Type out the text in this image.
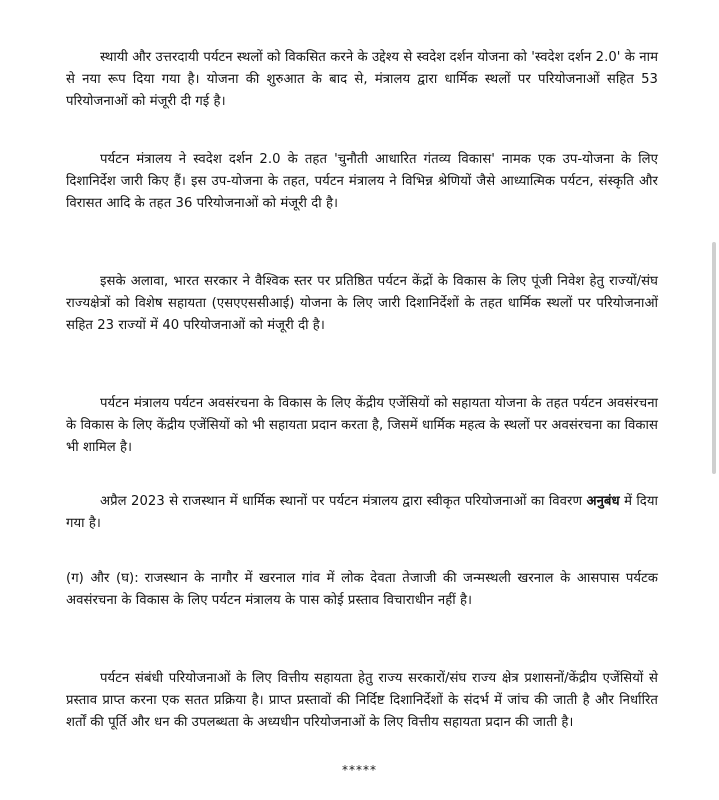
स्थायी और उत्तरदायी पर्यटन स्थलों को विकसित करने के उद्देश्य से स्वदेश दर्शन योजना को 'स्वदेश दर्शन 2.0' के नाम से नया रूप दिया गया है। योजना की शुरुआत के बाद से, मंत्रालय द्वारा धार्मिक स्थलों पर परियोजनाओं सहित 53 परियोजनाओं को मंजूरी दी गई है।

पर्यटन मंत्रालय ने स्वदेश दर्शन 2.0 के तहत 'चुनौती आधारित गंतव्य विकास' नामक एक उप-योजना के लिए दिशानिर्देश जारी किए हैं। इस उप-योजना के तहत, पर्यटन मंत्रालय ने विभिन्न श्रेणियों जैसे आध्यात्मिक पर्यटन, संस्कृति और विरासत आदि के तहत 36 परियोजनाओं को मंजूरी दी है।

इसके अलावा, भारत सरकार ने वैश्विक स्तर पर प्रतिष्ठित पर्यटन केंद्रों के विकास के लिए पूंजी निवेश हेतु राज्यों/संघ राज्यक्षेत्रों को विशेष सहायता (एसएएससीआई) योजना के लिए जारी दिशानिर्देशों के तहत धार्मिक स्थलों पर परियोजनाओं सहित 23 राज्यों में 40 परियोजनाओं को मंजूरी दी है।

पर्यटन मंत्रालय पर्यटन अवसंरचना के विकास के लिए केंद्रीय एजेंसियों को सहायता योजना के तहत पर्यटन अवसंरचना के विकास के लिए केंद्रीय एजेंसियों को भी सहायता प्रदान करता है, जिसमें धार्मिक महत्व के स्थलों पर अवसंरचना का विकास भी शामिल है।

अप्रैल 2023 से राजस्थान में धार्मिक स्थानों पर पर्यटन मंत्रालय द्वारा स्वीकृत परियोजनाओं का विवरण अनुबंध में दिया गया है।

(ग) और (घ): राजस्थान के नागौर में खरनाल गांव में लोक देवता तेजाजी की जन्मस्थली खरनाल के आसपास पर्यटक अवसंरचना के विकास के लिए पर्यटन मंत्रालय के पास कोई प्रस्ताव विचाराधीन नहीं है।

पर्यटन संबंधी परियोजनाओं के लिए वित्तीय सहायता हेतु राज्य सरकारों/संघ राज्य क्षेत्र प्रशासनों/केंद्रीय एजेंसियों से प्रस्ताव प्राप्त करना एक सतत प्रक्रिया है। प्राप्त प्रस्तावों की निर्दिष्ट दिशानिर्देशों के संदर्भ में जांच की जाती है और निर्धारित शर्तों की पूर्ति और धन की उपलब्धता के अध्यधीन परियोजनाओं के लिए वित्तीय सहायता प्रदान की जाती है।

*****
